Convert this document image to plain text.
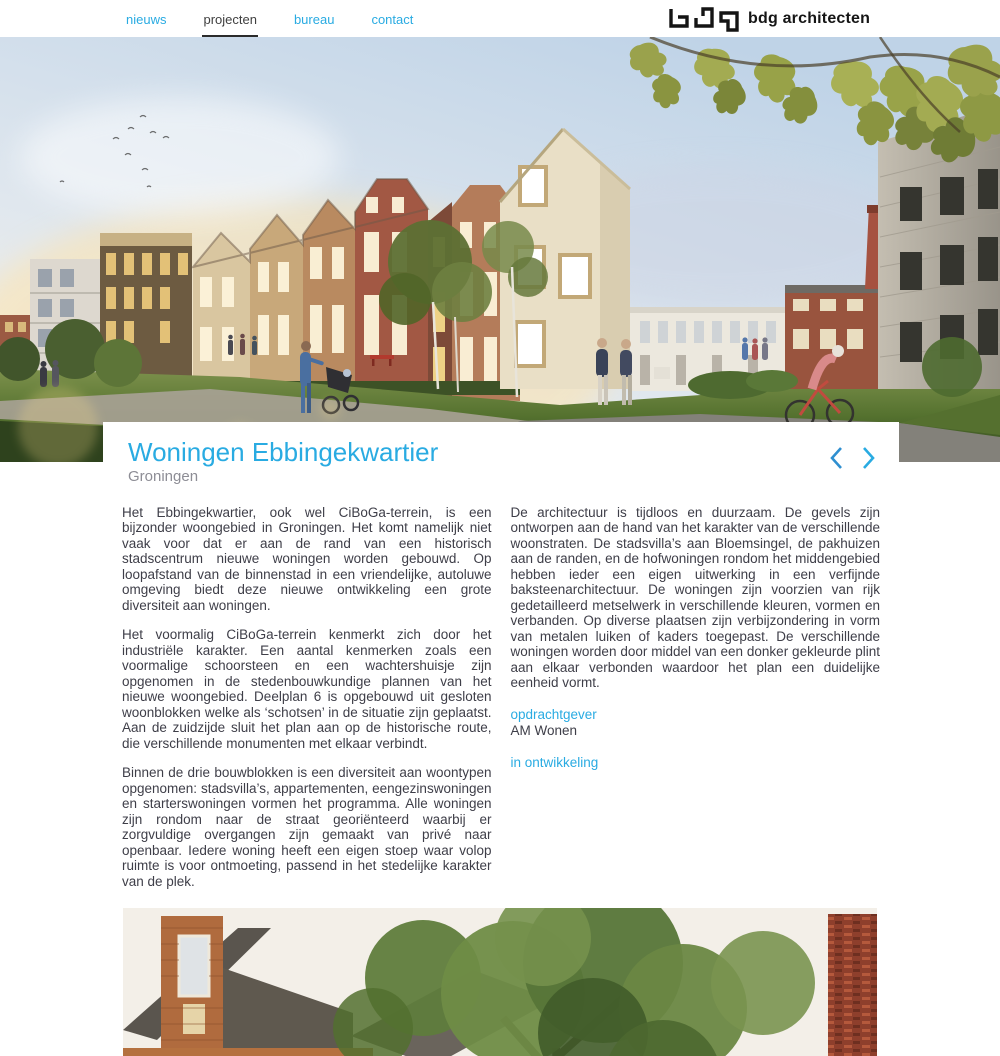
nieuws	projecten	bureau	contact	bdg architecten
Woningen Ebbingekwartier
Groningen

Het Ebbingekwartier, ook wel CiBoGa-terrein, is een bijzonder woongebied in Groningen. Het komt namelijk niet vaak voor dat er aan de rand van een historisch stadscentrum nieuwe woningen worden gebouwd. Op loopafstand van de binnenstad in een vriendelijke, autoluwe omgeving biedt deze nieuwe ontwikkeling een grote diversiteit aan woningen.

Het voormalig CiBoGa-terrein kenmerkt zich door het industriële karakter. Een aantal kenmerken zoals een voormalige schoorsteen en een wachtershuisje zijn opgenomen in de stedenbouwkundige plannen van het nieuwe woongebied. Deelplan 6 is opgebouwd uit gesloten woonblokken welke als ‘schotsen’ in de situatie zijn geplaatst. Aan de zuidzijde sluit het plan aan op de historische route, die verschillende monumenten met elkaar verbindt.

Binnen de drie bouwblokken is een diversiteit aan woontypen opgenomen: stadsvilla’s, appartementen, eengezinswoningen en starterswoningen vormen het programma. Alle woningen zijn rondom naar de straat georiënteerd waarbij er zorgvuldige overgangen zijn gemaakt van privé naar openbaar. Iedere woning heeft een eigen stoep waar volop ruimte is voor ontmoeting, passend in het stedelijke karakter van de plek.

De architectuur is tijdloos en duurzaam. De gevels zijn ontworpen aan de hand van het karakter van de verschillende woonstraten. De stadsvilla’s aan Bloemsingel, de pakhuizen aan de randen, en de hofwoningen rondom het middengebied hebben ieder een eigen uitwerking in een verfijnde baksteenarchitectuur. De woningen zijn voorzien van rijk gedetailleerd metselwerk in verschillende kleuren, vormen en verbanden. Op diverse plaatsen zijn verbijzondering in vorm van metalen luiken of kaders toegepast. De verschillende woningen worden door middel van een donker gekleurde plint aan elkaar verbonden waardoor het plan een duidelijke eenheid vormt.

opdrachtgever
AM Wonen
in ontwikkeling
